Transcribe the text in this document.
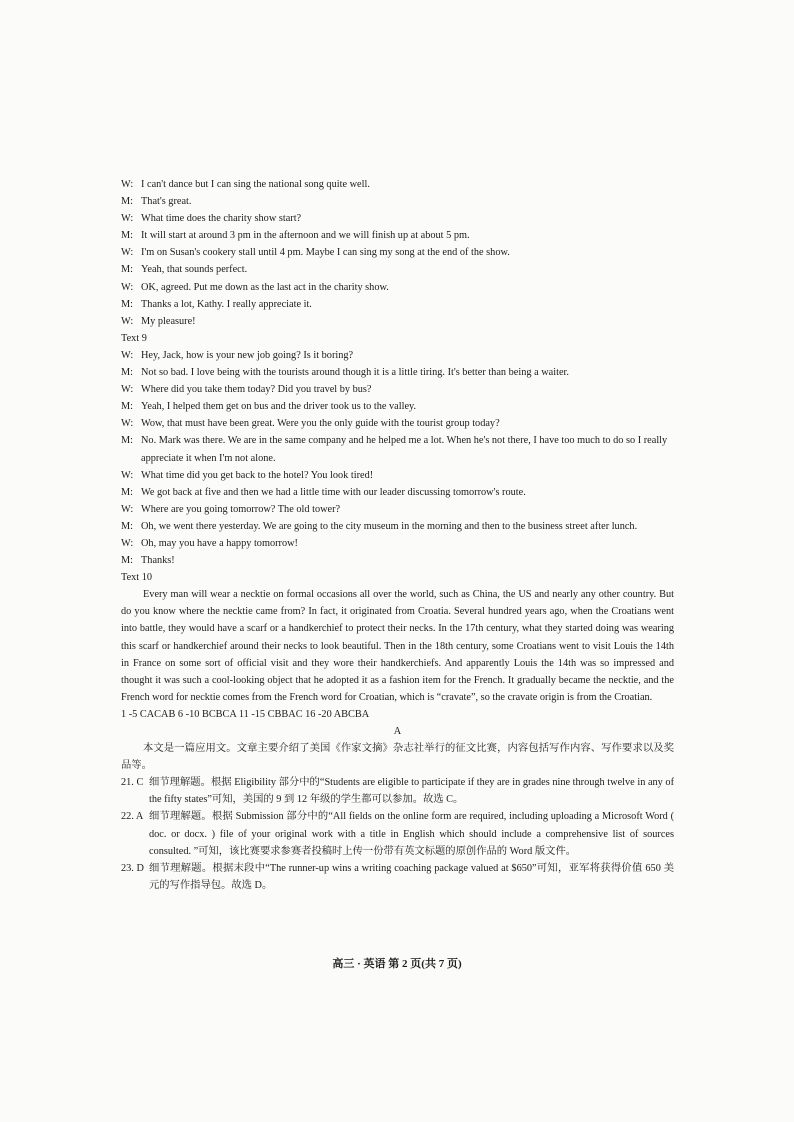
W: I can't dance but I can sing the national song quite well.
M: That's great.
W: What time does the charity show start?
M: It will start at around 3 pm in the afternoon and we will finish up at about 5 pm.
W: I'm on Susan's cookery stall until 4 pm. Maybe I can sing my song at the end of the show.
M: Yeah, that sounds perfect.
W: OK, agreed. Put me down as the last act in the charity show.
M: Thanks a lot, Kathy. I really appreciate it.
W: My pleasure!
Text 9
W: Hey, Jack, how is your new job going? Is it boring?
M: Not so bad. I love being with the tourists around though it is a little tiring. It's better than being a waiter.
W: Where did you take them today? Did you travel by bus?
M: Yeah, I helped them get on bus and the driver took us to the valley.
W: Wow, that must have been great. Were you the only guide with the tourist group today?
M: No. Mark was there. We are in the same company and he helped me a lot. When he's not there, I have too much to do so I really appreciate it when I'm not alone.
W: What time did you get back to the hotel? You look tired!
M: We got back at five and then we had a little time with our leader discussing tomorrow's route.
W: Where are you going tomorrow? The old tower?
M: Oh, we went there yesterday. We are going to the city museum in the morning and then to the business street after lunch.
W: Oh, may you have a happy tomorrow!
M: Thanks!
Text 10
Every man will wear a necktie on formal occasions all over the world, such as China, the US and nearly any other country. But do you know where the necktie came from? In fact, it originated from Croatia. Several hundred years ago, when the Croatians went into battle, they would have a scarf or a handkerchief to protect their necks. In the 17th century, what they started doing was wearing this scarf or handkerchief around their necks to look beautiful. Then in the 18th century, some Croatians went to visit Louis the 14th in France on some sort of official visit and they wore their handkerchiefs. And apparently Louis the 14th was so impressed and thought it was such a cool-looking object that he adopted it as a fashion item for the French. It gradually became the necktie, and the French word for necktie comes from the French word for Croatian, which is “cravate”, so the cravate origin is from the Croatian.
1 -5 CACAB 6 -10 BCBCA 11 -15 CBBAC 16 -20 ABCBA
A
本文是一篇应用文。文章主要介绍了美国《作家文摘》杂志社举行的征文比赛，内容包括写作内容、写作要求以及奖品等。
21. C 细节理解题。根据 Eligibility 部分中的“Students are eligible to participate if they are in grades nine through twelve in any of the fifty states”可知，美国的 9 到 12 年级的学生都可以参加。故选 C。
22. A 细节理解题。根据 Submission 部分中的“All fields on the online form are required, including uploading a Microsoft Word ( doc. or docx. ) file of your original work with a title in English which should include a comprehensive list of sources consulted. ”可知，该比赛要求参赛者投稿时上传一份带有英文标题的原创作品的 Word 版文件。
23. D 细节理解题。根据末段中“The runner-up wins a writing coaching package valued at $650”可知，亚军将获得价值 650 美元的写作指导包。故选 D。
高三 · 英语 第 2 页(共 7 页)
